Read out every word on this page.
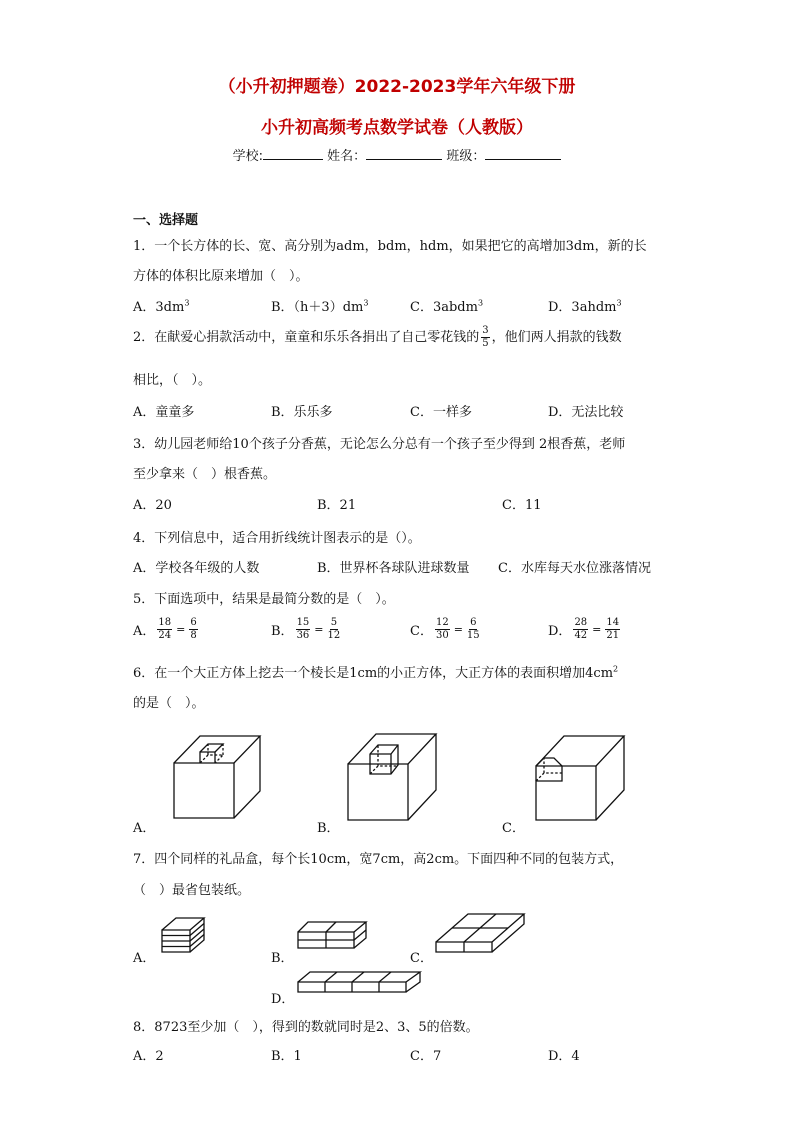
（小升初押题卷）2022-2023学年六年级下册
小升初高频考点数学试卷（人教版）
学校:	姓名：	班级：
一、选择题
1．一个长方体的长、宽、高分别为adm，bdm，hdm，如果把它的高增加3dm，新的长
方体的体积比原来增加（　）。
A．$3dm^3$	B．$(h+3)dm^3$	C．3abdm$^3$	D．3ahdm$^3$
2．在献爱心捐款活动中，童童和乐乐各捐出了自己零花钱的 $\frac{3}{5}$ ，他们两人捐款的钱数
相比，（　）。
A．童童多	B．乐乐多	C．一样多	D．无法比较
3．幼儿园老师给10个孩子分香蕉，无论怎么分总有一个孩子至少得到 2根香蕉，老师
至少拿来（　）根香蕉。
A．20	B．21	C．11
4．下列信息中，适合用折线统计图表示的是（）。
A．学校各年级的人数	B．世界杯各球队进球数量 C．水库每天水位涨落情况
5．下面选项中，结果是最简分数的是（　）。
A． $\frac{18}{24} = \frac{6}{8}$	B． $\frac{15}{36} = \frac{5}{12}$	C． $\frac{12}{30} = \frac{6}{15}$	D． $\frac{28}{42} = \frac{14}{21}$
6．在一个大正方体上挖去一个棱长是1cm的小正方体，大正方体的表面积增加$4cm^2$
的是（　）。
A．	B．	C．
7．四个同样的礼品盒，每个长10cm，宽7cm，高2cm。下面四种不同的包装方式，
（　）最省包装纸。
A．	B．	C．
D．
8．8723至少加（　），得到的数就同时是2、3、5的倍数。
A．2	B．1	C．7	D．4
